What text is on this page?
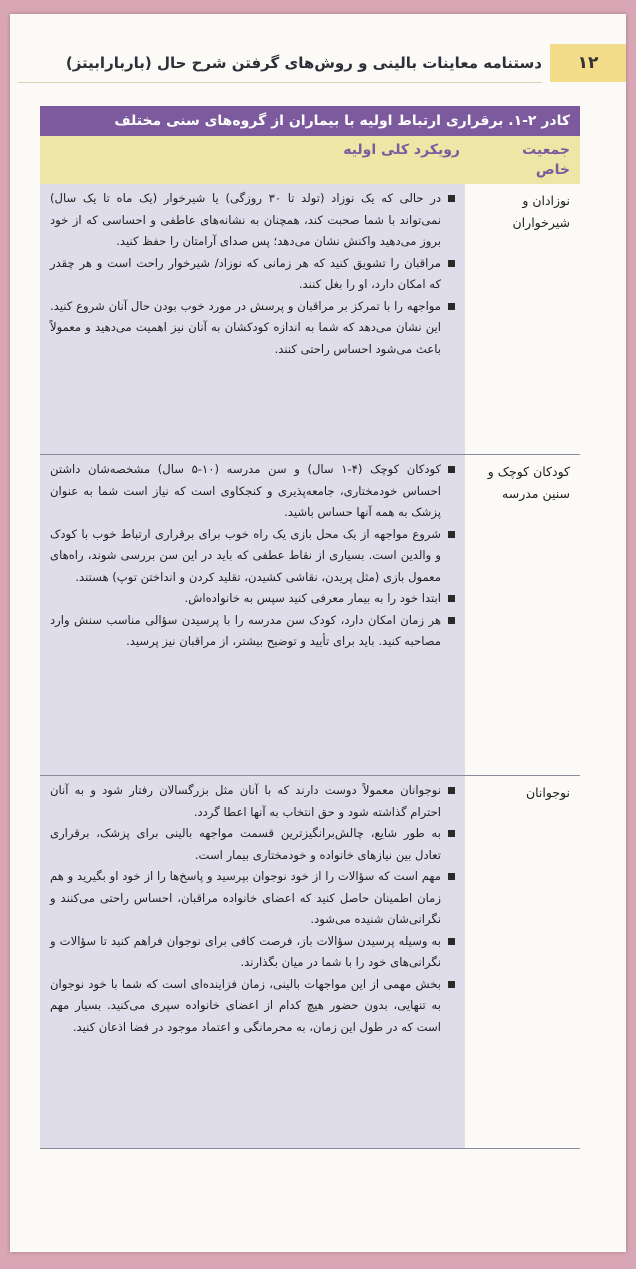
۱۲
دستنامه معاینات بالینی و روش‌های گرفتن شرح حال (باربارابیتز)
کادر ۲-۱. برقراری ارتباط اولیه با بیماران از گروه‌های سنی مختلف
جمعیت خاص
رویکرد کلی اولیه
نوزادان و شیرخواران
در حالی که یک نوزاد (تولد تا ۳۰ روزگی) یا شیرخوار (یک ماه تا یک سال) نمی‌تواند با شما صحبت کند، همچنان به نشانه‌های عاطفی و احساسی که از خود بروز می‌دهید واکنش نشان می‌دهد؛ پس صدای آرامتان را حفظ کنید.
مراقبان را تشویق کنید که هر زمانی که نوزاد/ شیرخوار راحت است و هر چقدر که امکان دارد، او را بغل کنند.
مواجهه را با تمرکز بر مراقبان و پرسش در مورد خوب بودن حال آنان شروع کنید. این نشان می‌دهد که شما به اندازه کودکشان به آنان نیز اهمیت می‌دهید و معمولاً باعث می‌شود احساس راحتی کنند.
کودکان کوچک و سنین مدرسه
کودکان کوچک (۴-۱ سال) و سن مدرسه (۱۰-۵ سال) مشخصه‌شان داشتن احساس خودمختاری، جامعه‌پذیری و کنجکاوی است که نیاز است شما به عنوان پزشک به همه آنها حساس باشید.
شروع مواجهه از یک محل بازی یک راه خوب برای برقراری ارتباط خوب با کودک و والدین است. بسیاری از نقاط عطفی که باید در این سن بررسی شوند، راه‌های معمول بازی (مثل پریدن، نقاشی کشیدن، تقلید کردن و انداختن توپ) هستند.
ابتدا خود را به بیمار معرفی کنید سپس به خانواده‌اش.
هر زمان امکان دارد، کودک سن مدرسه را با پرسیدن سؤالی مناسب سنش وارد مصاحبه کنید. باید برای تأیید و توضیح بیشتر، از مراقبان نیز پرسید.
نوجوانان
نوجوانان معمولاً دوست دارند که با آنان مثل بزرگسالان رفتار شود و به آنان احترام گذاشته شود و حق انتخاب به آنها اعطا گردد.
به طور شایع، چالش‌برانگیزترین قسمت مواجهه بالینی برای پزشک، برقراری تعادل بین نیازهای خانواده و خودمختاری بیمار است.
مهم است که سؤالات را از خود نوجوان بپرسید و پاسخ‌ها را از خود او بگیرید و هم زمان اطمینان حاصل کنید که اعضای خانواده مراقبان، احساس راحتی می‌کنند و نگرانی‌شان شنیده می‌شود.
به وسیله پرسیدن سؤالات باز، فرصت کافی برای نوجوان فراهم کنید تا سؤالات و نگرانی‌های خود را با شما در میان بگذارند.
بخش مهمی از این مواجهات بالینی، زمان فزاینده‌ای است که شما با خود نوجوان به تنهایی، بدون حضور هیچ کدام از اعضای خانواده سپری می‌کنید. بسیار مهم است که در طول این زمان، به محرمانگی و اعتماد موجود در فضا اذعان کنید.
